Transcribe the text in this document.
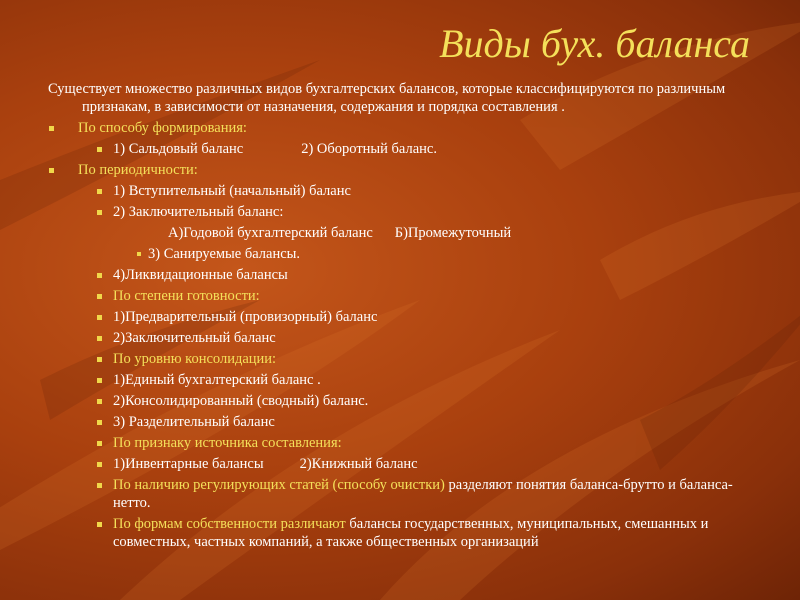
Виды бух. баланса

Существует множество различных видов бухгалтерских балансов, которые классифицируются по различным признакам, в зависимости от назначения, содержания и порядка составления .

По способу формирования:
1) Сальдовый баланс	2) Оборотный баланс.
По периодичности:
1) Вступительный (начальный) баланс
2) Заключительный баланс:
А)Годовой бухгалтерский баланс Б)Промежуточный
3) Санируемые балансы.
4)Ликвидационные балансы
По степени готовности:
1)Предварительный (провизорный) баланс
2)Заключительный баланс
По уровню консолидации:
1)Единый бухгалтерский баланс .
2)Консолидированный (сводный) баланс.
3) Разделительный баланс
По признаку источника составления:
1)Инвентарные балансы 2)Книжный баланс
По наличию регулирующих статей (способу очистки) разделяют понятия баланса-брутто и баланса-нетто.
По формам собственности различают балансы государственных, муниципальных, смешанных и совместных, частных компаний, а также общественных организаций
